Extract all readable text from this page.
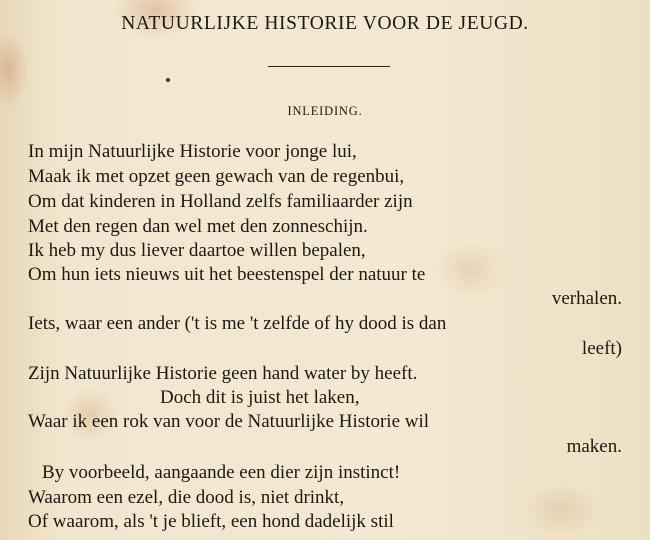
NATUURLIJKE HISTORIE VOOR DE JEUGD.
INLEIDING.
In mijn Natuurlijke Historie voor jonge lui,
Maak ik met opzet geen gewach van de regenbui,
Om dat kinderen in Holland zelfs familiaarder zijn
Met den regen dan wel met den zonneschijn.
Ik heb my dus liever daartoe willen bepalen,
Om hun iets nieuws uit het beestenspel der natuur te
verhalen.
Iets, waar een ander ('t is me 't zelfde of hy dood is dan
leeft)
Zijn Natuurlijke Historie geen hand water by heeft.
Doch dit is juist het laken,
Waar ik een rok van voor de Natuurlijke Historie wil
maken.
By voorbeeld, aangaande een dier zijn instinct!
Waarom een ezel, die dood is, niet drinkt,
Of waarom, als 't je blieft, een hond dadelijk stil
